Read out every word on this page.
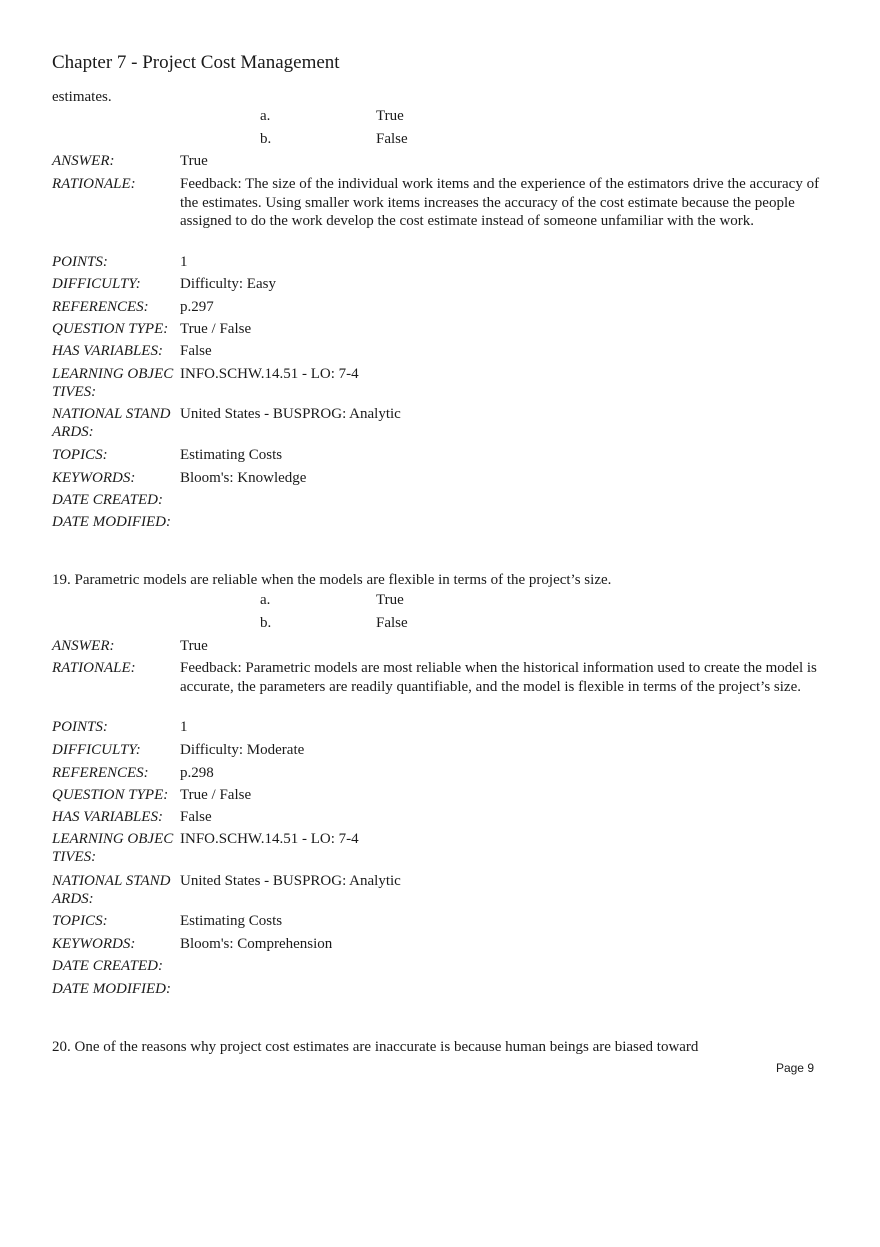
Chapter 7 - Project Cost Management
estimates.
a.	True
b.	False
ANSWER:	True
RATIONALE:	Feedback: The size of the individual work items and the experience of the estimators drive the accuracy of the estimates. Using smaller work items increases the accuracy of the cost estimate because the people assigned to do the work develop the cost estimate instead of someone unfamiliar with the work.
POINTS:	1
DIFFICULTY:	Difficulty: Easy
REFERENCES:	p.297
QUESTION TYPE: True / False
HAS VARIABLES:	False
LEARNING OBJECTIVES:
INFO.SCHW.14.51 - LO: 7-4
NATIONAL STANDARDS:
United States - BUSPROG: Analytic
TOPICS:	Estimating Costs
KEYWORDS:	Bloom's: Knowledge
DATE CREATED:
DATE MODIFIED:
19. Parametric models are reliable when the models are flexible in terms of the project’s size.
a.	True
b.	False
ANSWER:	True
RATIONALE:	Feedback: Parametric models are most reliable when the historical information used to create the model is accurate, the parameters are readily quantifiable, and the model is flexible in terms of the project’s size.
POINTS:	1
DIFFICULTY:	Difficulty: Moderate
REFERENCES:	p.298
QUESTION TYPE: True / False
HAS VARIABLES:	False
LEARNING OBJECTIVES:
INFO.SCHW.14.51 - LO: 7-4
NATIONAL STANDARDS:
United States - BUSPROG: Analytic
TOPICS:	Estimating Costs
KEYWORDS:	Bloom's: Comprehension
DATE CREATED:
DATE MODIFIED:
20. One of the reasons why project cost estimates are inaccurate is because human beings are biased toward
Page 9
